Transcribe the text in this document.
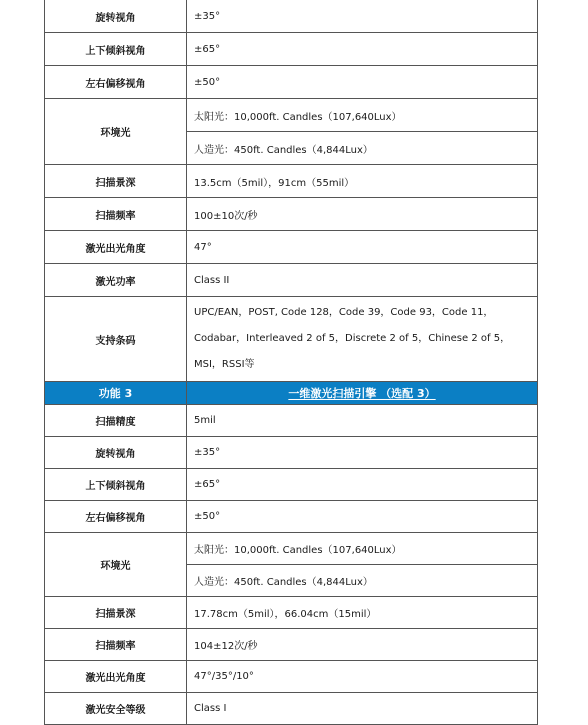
旋转视角	±35°
上下倾斜视角	±65°
左右偏移视角	±50°
环境光	太阳光：10,000ft. Candles（107,640Lux）
	人造光：450ft. Candles（4,844Lux）
扫描景深	13.5cm（5mil），91cm（55mil）
扫描频率	100±10次/秒
激光出光角度	47°
激光功率	Class II
支持条码	UPC/EAN，POST, Code 128，Code 39，Code 93，Code 11，
Codabar，Interleaved 2 of 5，Discrete 2 of 5，Chinese 2 of 5，
MSI，RSSI等

功能 3	一维激光扫描引擎 （选配 3）
扫描精度	5mil
旋转视角	±35°
上下倾斜视角	±65°
左右偏移视角	±50°
环境光	太阳光：10,000ft. Candles（107,640Lux）
	人造光：450ft. Candles（4,844Lux）
扫描景深	17.78cm（5mil），66.04cm（15mil）
扫描频率	104±12次/秒
激光出光角度	47°/35°/10°
激光安全等级	Class I
